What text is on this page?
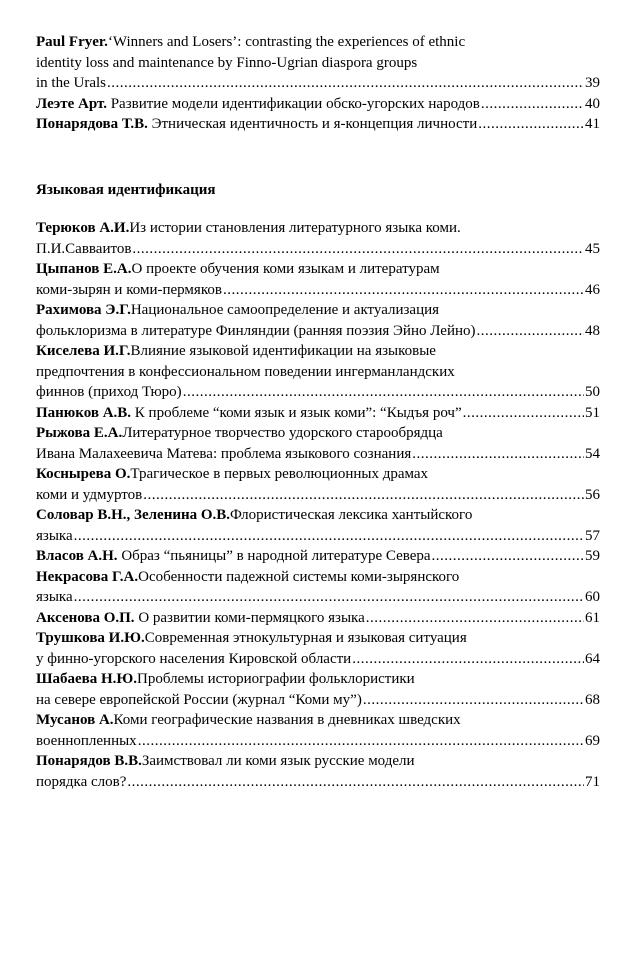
Paul Fryer. ‘Winners and Losers’: contrasting the experiences of ethnic
identity loss and maintenance by Finno-Ugrian diaspora groups
in the Urals .....	39
Леэте Арт. Развитие модели идентификации обско-угорских народов .....	40
Понарядова Т.В. Этническая идентичность и я-концепция личности .....	41
Языковая идентификация
Терюков А.И. Из истории становления литературного языка коми.
П.И.Савваитов .....	45
Цыпанов Е.А. О проекте обучения коми языкам и литературам
коми-зырян и коми-пермяков .....	46
Рахимова Э.Г. Национальное самоопределение и актуализация
фольклоризма в литературе Финляндии (ранняя поэзия Эйно Лейно) .....	48
Киселева И.Г. Влияние языковой идентификации на языковые
предпочтения в конфессиональном поведении ингерманландских
финнов (приход Тюро) .....	50
Панюков А.В. К проблеме “коми язык и язык коми”: “Кыдъя роч” .....	51
Рыжова Е.А. Литературное творчество удорского старообрядца
Ивана Малахеевича Матева: проблема языкового сознания .....	54
Коснырева О. Трагическое в первых революционных драмах
коми и удмуртов .....	56
Соловар В.Н., Зеленина О.В. Флористическая лексика хантыйского
языка .....	57
Власов А.Н. Образ “пьяницы” в народной литературе Севера .....	59
Некрасова Г.А. Особенности падежной системы коми-зырянского
языка .....	60
Аксенова О.П. О развитии коми-пермяцкого языка .....	61
Трушкова И.Ю. Современная этнокультурная и языковая ситуация
у финно-угорского населения Кировской области .....	64
Шабаева Н.Ю. Проблемы историографии фольклористики
на севере европейской России (журнал “Коми му”) .....	68
Мусанов А. Коми географические названия в дневниках шведских
военнопленных .....	69
Понарядов В.В. Заимствовал ли коми язык русские модели
порядка слов? .....	71
